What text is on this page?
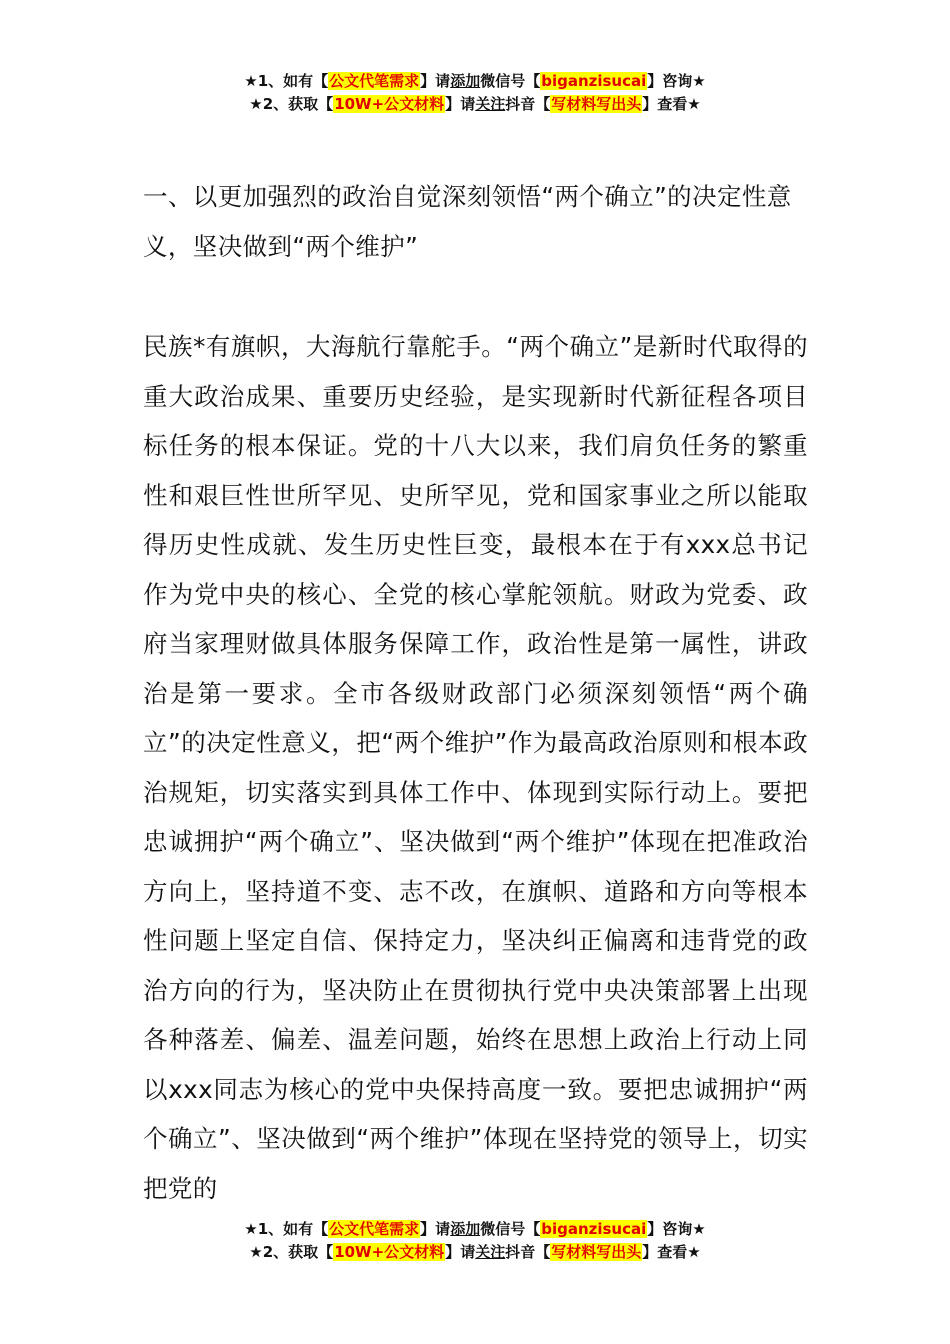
★1、如有【公文代笔需求】请添加微信号【biganzisucai】咨询★
★2、获取【10W+公文材料】请关注抖音【写材料写出头】查看★
一、以更加强烈的政治自觉深刻领悟“两个确立”的决定性意义，坚决做到“两个维护”

民族*有旗帜，大海航行靠舵手。“两个确立”是新时代取得的重大政治成果、重要历史经验，是实现新时代新征程各项目标任务的根本保证。党的十八大以来，我们肩负任务的繁重性和艰巨性世所罕见、史所罕见，党和国家事业之所以能取得历史性成就、发生历史性巨变，最根本在于有xxx总书记作为党中央的核心、全党的核心掌舵领航。财政为党委、政府当家理财做具体服务保障工作，政治性是第一属性，讲政治是第一要求。全市各级财政部门必须深刻领悟“两个确立”的决定性意义，把“两个维护”作为最高政治原则和根本政治规矩，切实落实到具体工作中、体现到实际行动上。要把忠诚拥护“两个确立”、坚决做到“两个维护”体现在把准政治方向上，坚持道不变、志不改，在旗帜、道路和方向等根本性问题上坚定自信、保持定力，坚决纠正偏离和违背党的政治方向的行为，坚决防止在贯彻执行党中央决策部署上出现各种落差、偏差、温差问题，始终在思想上政治上行动上同以xxx同志为核心的党中央保持高度一致。要把忠诚拥护“两个确立”、坚决做到“两个维护”体现在坚持党的领导上，切实把党的

★1、如有【公文代笔需求】请添加微信号【biganzisucai】咨询★
★2、获取【10W+公文材料】请关注抖音【写材料写出头】查看★
